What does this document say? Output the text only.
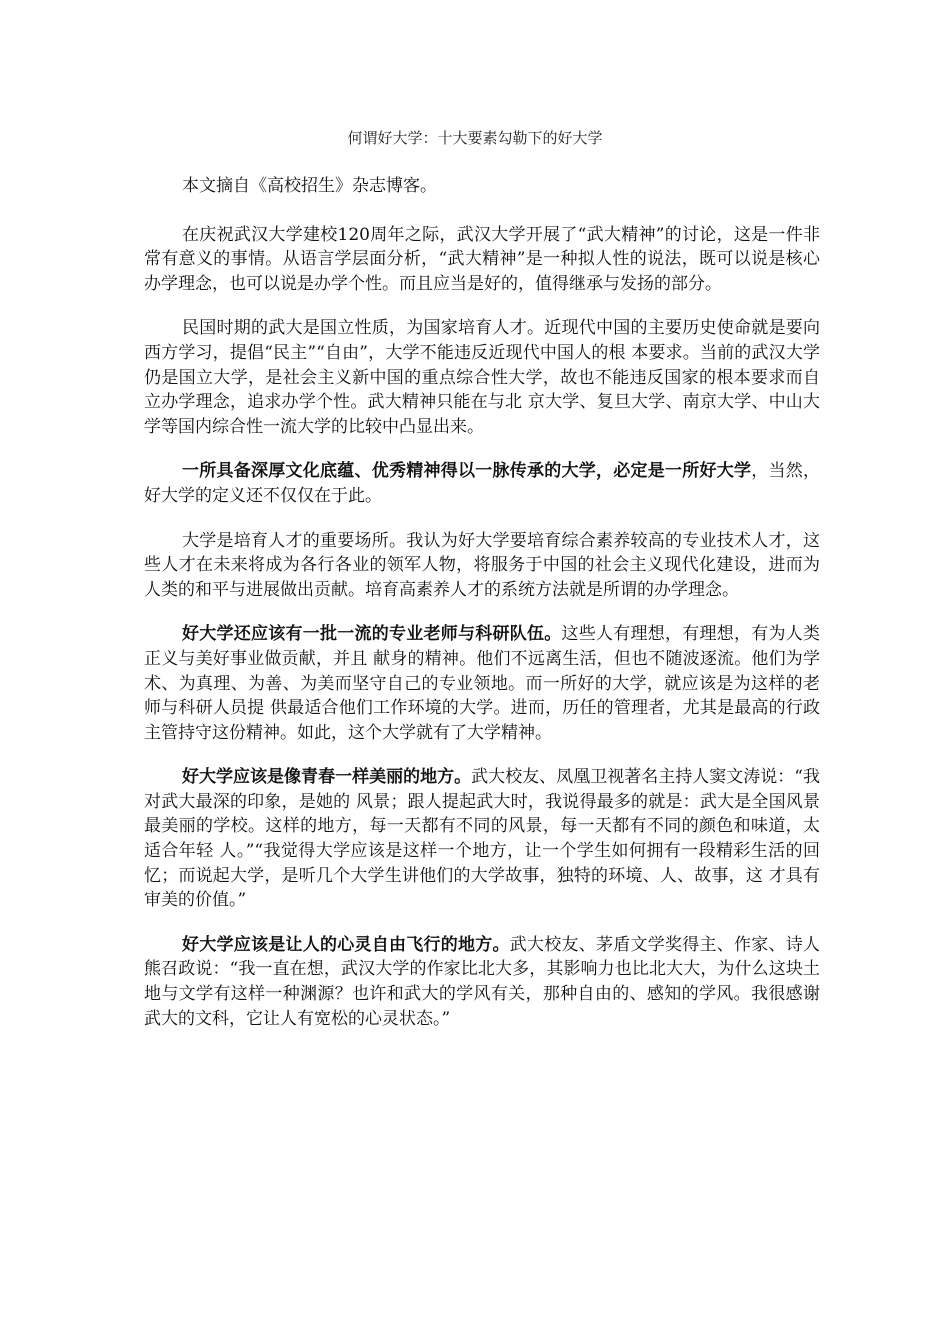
何谓好大学：十大要素勾勒下的好大学

本文摘自《高校招生》杂志博客。

在庆祝武汉大学建校120周年之际，武汉大学开展了“武大精神”的讨论，这是一件非常有意义的事情。从语言学层面分析，“武大精神”是一种拟人性的说法，既可以说是核心办学理念，也可以说是办学个性。而且应当是好的，值得继承与发扬的部分。

民国时期的武大是国立性质，为国家培育人才。近现代中国的主要历史使命就是要向西方学习，提倡“民主”“自由”，大学不能违反近现代中国人的根 本要求。当前的武汉大学仍是国立大学，是社会主义新中国的重点综合性大学，故也不能违反国家的根本要求而自立办学理念，追求办学个性。武大精神只能在与北 京大学、复旦大学、南京大学、中山大学等国内综合性一流大学的比较中凸显出来。

一所具备深厚文化底蕴、优秀精神得以一脉传承的大学，必定是一所好大学，当然，好大学的定义还不仅仅在于此。

大学是培育人才的重要场所。我认为好大学要培育综合素养较高的专业技术人才，这些人才在未来将成为各行各业的领军人物，将服务于中国的社会主义现代化建设，进而为人类的和平与进展做出贡献。培育高素养人才的系统方法就是所谓的办学理念。

好大学还应该有一批一流的专业老师与科研队伍。这些人有理想，有理想，有为人类正义与美好事业做贡献，并且 献身的精神。他们不远离生活，但也不随波逐流。他们为学术、为真理、为善、为美而坚守自己的专业领地。而一所好的大学，就应该是为这样的老师与科研人员提 供最适合他们工作环境的大学。进而，历任的管理者，尤其是最高的行政主管持守这份精神。如此，这个大学就有了大学精神。

好大学应该是像青春一样美丽的地方。武大校友、凤凰卫视著名主持人窦文涛说：“我对武大最深的印象，是她的 风景；跟人提起武大时，我说得最多的就是：武大是全国风景最美丽的学校。这样的地方，每一天都有不同的风景，每一天都有不同的颜色和味道，太适合年轻 人。”“我觉得大学应该是这样一个地方，让一个学生如何拥有一段精彩生活的回忆；而说起大学，是听几个大学生讲他们的大学故事，独特的环境、人、故事，这 才具有审美的价值。”

好大学应该是让人的心灵自由飞行的地方。武大校友、茅盾文学奖得主、作家、诗人熊召政说：“我一直在想，武汉大学的作家比北大多，其影响力也比北大大，为什么这块土地与文学有这样一种渊源？也许和武大的学风有关，那种自由的、感知的学风。我很感谢武大的文科，它让人有宽松的心灵状态。”
